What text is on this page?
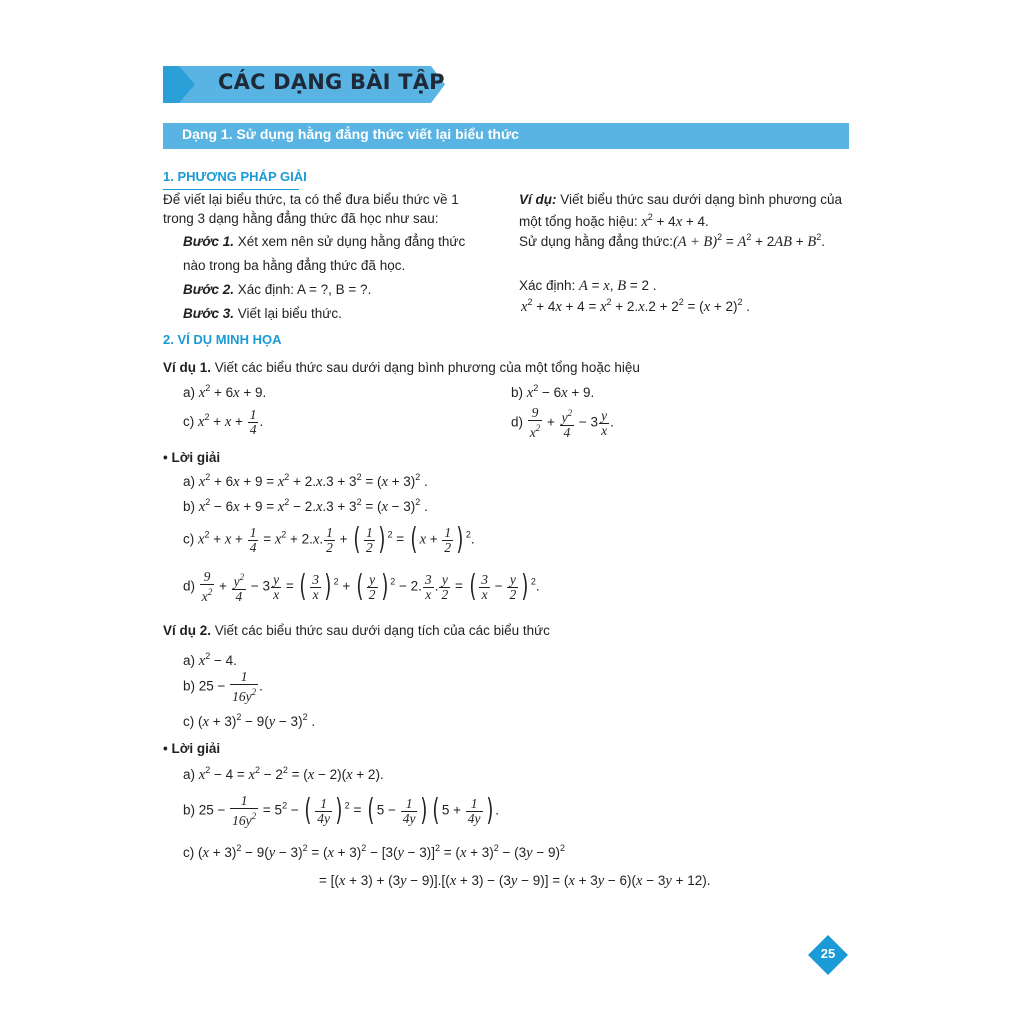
CÁC DẠNG BÀI TẬP
Dạng 1. Sử dụng hằng đẳng thức viết lại biểu thức
1. PHƯƠNG PHÁP GIẢI
Để viết lại biểu thức, ta có thể đưa biểu thức về 1
trong 3 dạng hằng đẳng thức đã học như sau:
Bước 1. Xét xem nên sử dụng hằng đẳng thức
nào trong ba hằng đẳng thức đã học.
Bước 2. Xác định: A = ?, B = ?.
Bước 3. Viết lại biểu thức.
Ví dụ: Viết biểu thức sau dưới dạng bình phương của
một tổng hoặc hiệu: $x^2 + 4x + 4$.
Sử dụng hằng đẳng thức:(A + $B)^2 = A^2 + 2AB + B^2$.
Xác định: A = x, B = 2 .
$x^2 + 4x + 4 = x^2 + 2.x.2 + 2^2 = (x + 2)^2$ .
2. VÍ DỤ MINH HỌA
Ví dụ 1. Viết các biểu thức sau dưới dạng bình phương của một tổng hoặc hiệu
a) $x^2 + 6x + 9$.	b) $x^2 - 6x + 9$.
c) $x^2 + x + \frac{1}{4}$ .	$d) \frac{9}{x^2} + \frac{y^2}{4} - 3 \frac{y}{x}$ .
• Lời giải
a) $x^2 + 6x + 9 = x^2 + 2.x.3 + 3^2 = (x + 3)^2$ .
b) $x^2 - 6x + 9 = x^2 - 2.x.3 + 3^2 = (x - 3)^2$ .
c) $x^2 + x + \frac{1}{4} = x^2 + 2.x$. $\frac{1}{2}$ + ( $\frac{1}{2}$ ) $^2$ = ( $x + \frac{1}{2}$ ) $^2$.
$d) \frac{9}{x^2} + \frac{y^2}{4} - 3 \frac{y}{x}$ = ( $\frac{3}{x}$ ) $^2$ + ( $\frac{y}{2}$ ) $^2$ − 2. $\frac{3}{x}$ . $\frac{y}{2}$ = ( $\frac{3}{x} - \frac{y}{2}$ ) $^2$.
Ví dụ 2. Viết các biểu thức sau dưới dạng tích của các biểu thức
a) $x^2 - 4$.
b) $25 - \frac{1}{16y^2}$ .
c) $(x + 3)^2 - 9(y - 3)^2$ .
• Lời giải
a) $x^2 - 4 = x^2 - 2^2 = (x - 2)(x + 2)$.
b) $25 - \frac{1}{16y^2} = 5^2$ − ( $\frac{1}{4y}$ ) $^2$ = ( $5 - \frac{1}{4y}$ ) ( $5 + \frac{1}{4y}$ ) .
c) $(x + 3)^2 - 9(y - 3)^2 = (x + 3)^2 - [3(y - 3)]^2 = (x + 3)^2 - (3y - 9)^2$
= [(x + 3) + (3y − 9)].[(x + 3) − (3y − 9)] = (x + 3y − 6)(x − 3y + 12).
25
